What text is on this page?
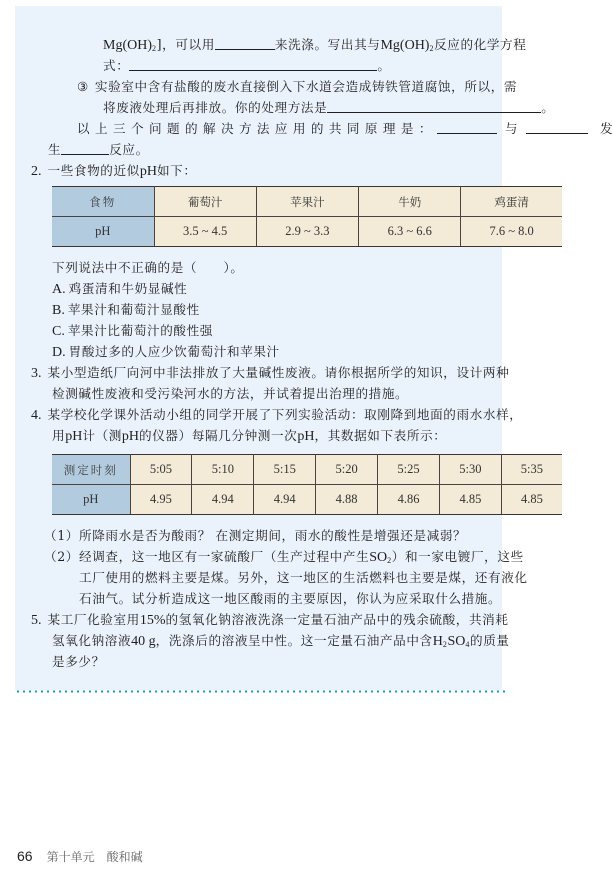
$Mg(OH)_2$]，可以用	来洗涤。写出其与$Mg(OH)_2$反应的化学方程
式：	。
③ 实验室中含有盐酸的废水直接倒入下水道会造成铸铁管道腐蚀，所以，需
将废液处理后再排放。你的处理方法是	。
以上三个问题的解决方法应用的共同原理是：	与	发
生	反应。
2. 一些食物的近似pH如下：
食物	葡萄汁	苹果汁	牛奶	鸡蛋清
pH	3.5 ~ 4.5	2.9 ~ 3.3	6.3 ~ 6.6	7.6 ~ 8.0
下列说法中不正确的是（　　）。
A. 鸡蛋清和牛奶显碱性
B. 苹果汁和葡萄汁显酸性
C. 苹果汁比葡萄汁的酸性强
D. 胃酸过多的人应少饮葡萄汁和苹果汁
3. 某小型造纸厂向河中非法排放了大量碱性废液。请你根据所学的知识，设计两种
检测碱性废液和受污染河水的方法，并试着提出治理的措施。
4. 某学校化学课外活动小组的同学开展了下列实验活动：取刚降到地面的雨水水样，
用pH计（测pH的仪器）每隔几分钟测一次pH，其数据如下表所示：
测定时刻	5:05	5:10	5:15	5:20	5:25	5:30	5:35
pH	4.95	4.94	4.94	4.88	4.86	4.85	4.85
（1）所降雨水是否为酸雨？ 在测定期间，雨水的酸性是增强还是减弱？
（2）经调查，这一地区有一家硫酸厂（生产过程中产生$SO_2$）和一家电镀厂，这些
工厂使用的燃料主要是煤。另外，这一地区的生活燃料也主要是煤，还有液化
石油气。试分析造成这一地区酸雨的主要原因，你认为应采取什么措施。
5. 某工厂化验室用15%的氢氧化钠溶液洗涤一定量石油产品中的残余硫酸，共消耗
氢氧化钠溶液40 g，洗涤后的溶液呈中性。这一定量石油产品中含$H_2SO_4$的质量
是多少？
66 第十单元 酸和碱
